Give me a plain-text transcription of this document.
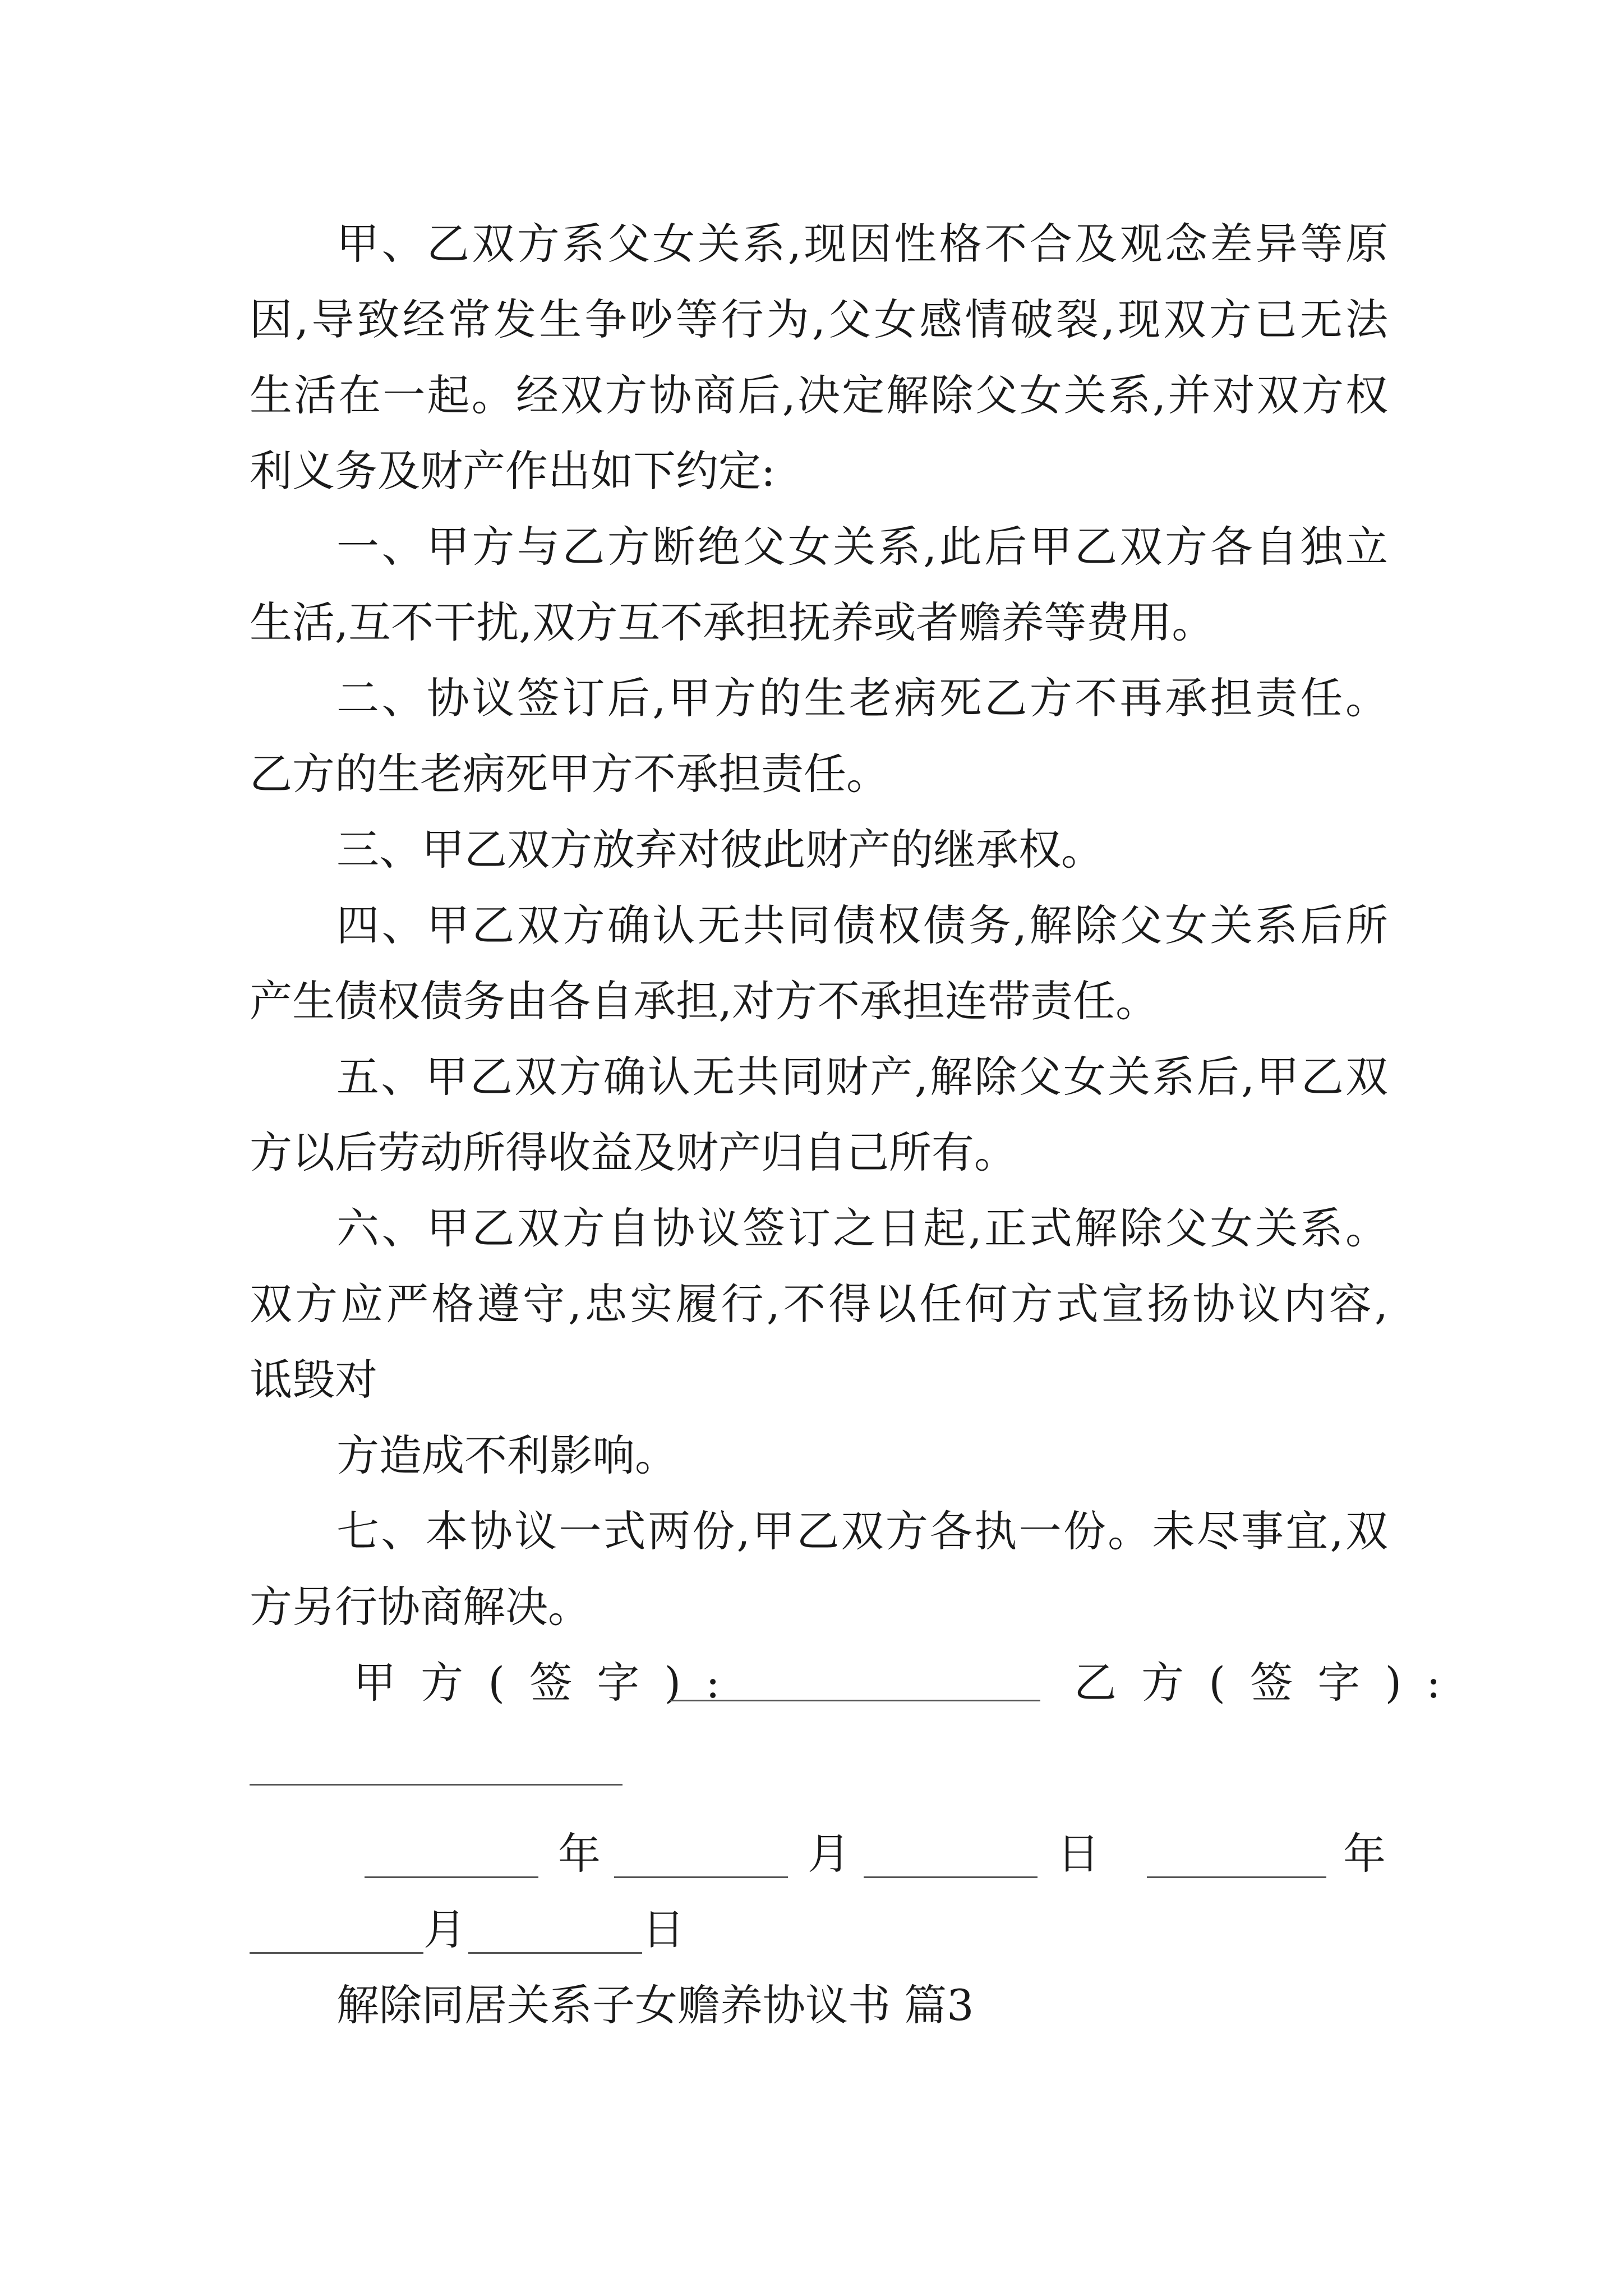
甲、乙双方系父女关系,现因性格不合及观念差异等原

因,导致经常发生争吵等行为,父女感情破裂,现双方已无法

生活在一起。经双方协商后,决定解除父女关系,并对双方权

利义务及财产作出如下约定:

一、甲方与乙方断绝父女关系,此后甲乙双方各自独立

生活,互不干扰,双方互不承担抚养或者赡养等费用。

二、协议签订后,甲方的生老病死乙方不再承担责任。

乙方的生老病死甲方不承担责任。

三、甲乙双方放弃对彼此财产的继承权。

四、甲乙双方确认无共同债权债务,解除父女关系后所

产生债权债务由各自承担,对方不承担连带责任。

五、甲乙双方确认无共同财产,解除父女关系后,甲乙双

方以后劳动所得收益及财产归自己所有。

六、甲乙双方自协议签订之日起,正式解除父女关系。

双方应严格遵守,忠实履行,不得以任何方式宣扬协议内容,

诋毁对

方造成不利影响。

七、本协议一式两份,甲乙双方各执一份。未尽事宜,双

方另行协商解决。

甲 方 ( 签 字 ) :	乙 方 ( 签 字 ) :
年	月	日	年
月	日

解除同居关系子女赡养协议书 篇3
